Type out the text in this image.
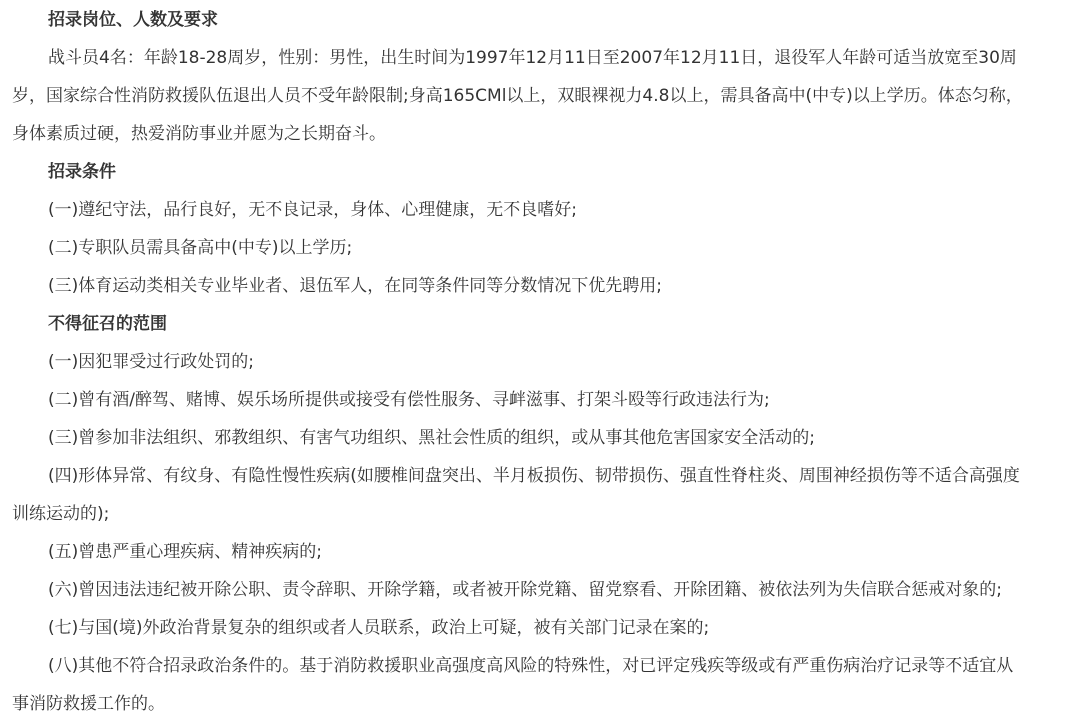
招录岗位、人数及要求
战斗员4名：年龄18-28周岁，性别：男性，出生时间为1997年12月11日至2007年12月11日，退役军人年龄可适当放宽至30周
岁，国家综合性消防救援队伍退出人员不受年龄限制;身高165CMl以上，双眼裸视力4.8以上，需具备高中(中专)以上学历。体态匀称，
身体素质过硬，热爱消防事业并愿为之长期奋斗。
招录条件
(一)遵纪守法，品行良好，无不良记录，身体、心理健康，无不良嗜好;
(二)专职队员需具备高中(中专)以上学历;
(三)体育运动类相关专业毕业者、退伍军人，在同等条件同等分数情况下优先聘用;
不得征召的范围
(一)因犯罪受过行政处罚的;
(二)曾有酒/醉驾、赌博、娱乐场所提供或接受有偿性服务、寻衅滋事、打架斗殴等行政违法行为;
(三)曾参加非法组织、邪教组织、有害气功组织、黑社会性质的组织，或从事其他危害国家安全活动的;
(四)形体异常、有纹身、有隐性慢性疾病(如腰椎间盘突出、半月板损伤、韧带损伤、强直性脊柱炎、周围神经损伤等不适合高强度
训练运动的);
(五)曾患严重心理疾病、精神疾病的;
(六)曾因违法违纪被开除公职、责令辞职、开除学籍，或者被开除党籍、留党察看、开除团籍、被依法列为失信联合惩戒对象的;
(七)与国(境)外政治背景复杂的组织或者人员联系，政治上可疑，被有关部门记录在案的;
(八)其他不符合招录政治条件的。基于消防救援职业高强度高风险的特殊性，对已评定残疾等级或有严重伤病治疗记录等不适宜从
事消防救援工作的。
